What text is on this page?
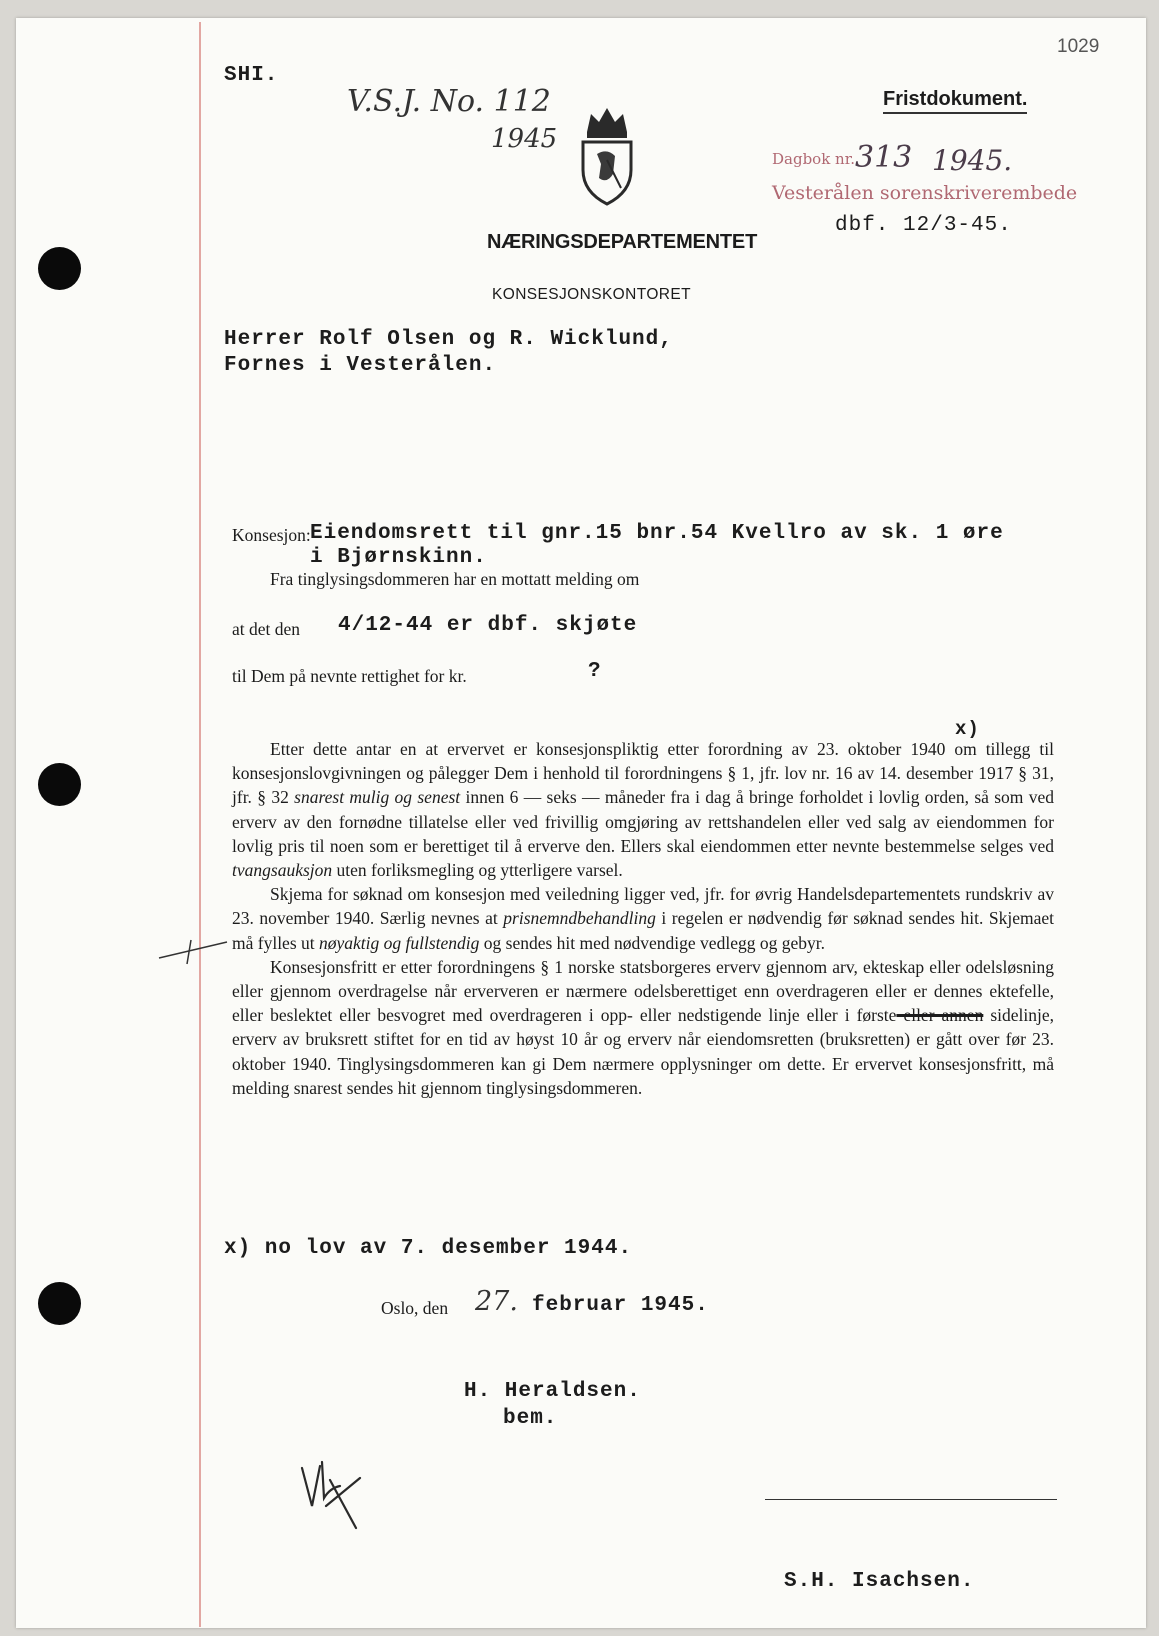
1029
SHI.
V.S.J. No. 112
1945
Fristdokument.
Dagbok nr. 313 1945.
Vesterålen sorenskriverembede
dbf. 12/3-45.
NÆRINGSDEPARTEMENTET
KONSESJONSKONTORET
Herrer Rolf Olsen og R. Wicklund,
Fornes i Vesterålen.
Konsesjon: Eiendomsrett til gnr.15 bnr.54 Kvellro av sk. 1 øre
i Bjørnskinn.
Fra tinglysingsdommeren har en mottatt melding om
at det den 4/12-44 er dbf. skjøte
til Dem på nevnte rettighet for kr.	?
x)

Etter dette antar en at ervervet er konsesjonspliktig etter forordning av 23. oktober 1940 om tillegg til konsesjonslovgivningen og pålegger Dem i henhold til forordningens § 1, jfr. lov nr. 16 av 14. desember 1917 § 31, jfr. § 32 snarest mulig og senest innen 6 — seks — måneder fra i dag å bringe forholdet i lovlig orden, så som ved erverv av den fornødne tillatelse eller ved frivillig omgjøring av rettshandelen eller ved salg av eiendommen for lovlig pris til noen som er berettiget til å erverve den. Ellers skal eiendommen etter nevnte bestemmelse selges ved tvangsauksjon uten forliksmegling og ytterligere varsel.

Skjema for søknad om konsesjon med veiledning ligger ved, jfr. for øvrig Handelsdepartementets rundskriv av 23. november 1940. Særlig nevnes at prisnemndbehandling i regelen er nødvendig før søknad sendes hit. Skjemaet må fylles ut nøyaktig og fullstendig og sendes hit med nødvendige vedlegg og gebyr.

Konsesjonsfritt er etter forordningens § 1 norske statsborgeres erverv gjennom arv, ekteskap eller odelsløsning eller gjennom overdragelse når erververen er nærmere odelsberettiget enn overdrageren eller er dennes ektefelle, eller beslektet eller besvogret med overdrageren i opp- eller nedstigende linje eller i første eller annen sidelinje, erverv av bruksrett stiftet for en tid av høyst 10 år og erverv når eiendomsretten (bruksretten) er gått over før 23. oktober 1940. Tinglysingsdommeren kan gi Dem nærmere opplysninger om dette. Er ervervet konsesjonsfritt, må melding snarest sendes hit gjennom tinglysingsdommeren.

x) no lov av 7. desember 1944.
Oslo, den 27. februar 1945.
H. Heraldsen.
bem.
S.H. Isachsen.
